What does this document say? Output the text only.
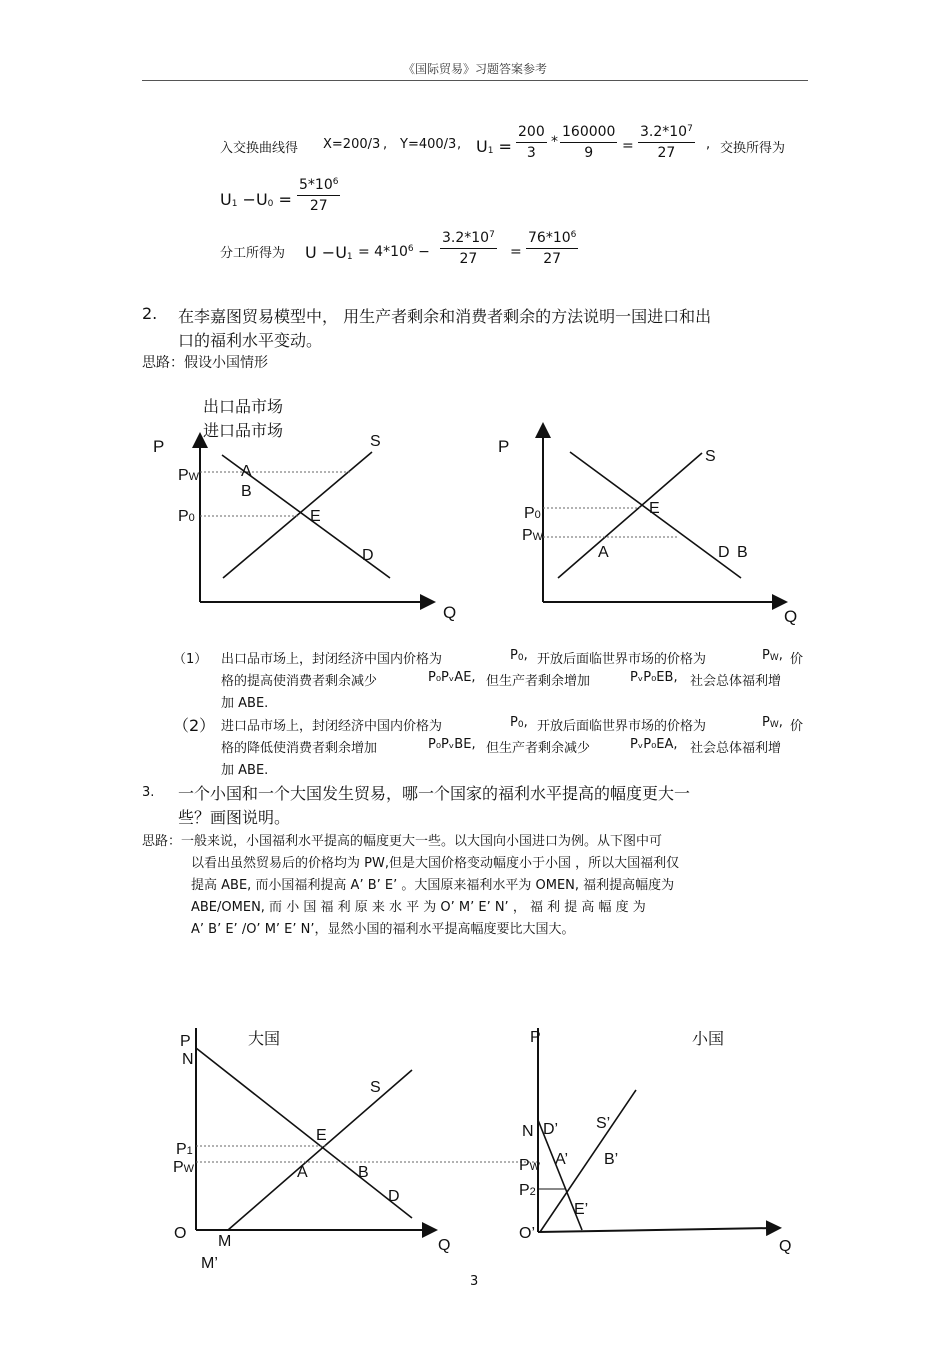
《国际贸易》习题答案参考
入交换曲线得 X=200/3 , Y=400/3 , $U1 = \frac{200}{3} * \frac{160000}{9} = \frac{3.2*10^7}{27}$ , 交换所得为
$U1 -U0 = \frac{5*10^6}{27}$
分工所得为 $U -U1 = 4*10^6 - \frac{3.2*10^7}{27} = \frac{76*10^6}{27}$
2. 在李嘉图贸易模型中， 用生产者剩余和消费者剩余的方法说明一国进口和出
口的福利水平变动。
思路：假设小国情形
出口品市场
进口品市场
P
Q
S
D
PW
P0
A
B
E
P
Q
S
D B
P0
PW
A
E
（1） 出口品市场上，封闭经济中国内价格为	P0, 开放后面临世界市场的价格为	PW, 价
格的提高使消费者剩余减少	P₀PᵥAE, 但生产者剩余增加	PᵥP₀EB, 社会总体福利增
加 ABE.
（2） 进口品市场上，封闭经济中国内价格为	P0, 开放后面临世界市场的价格为	PW, 价
格的降低使消费者剩余增加	P₀PᵥBE, 但生产者剩余减少	PᵥP₀EA, 社会总体福利增
加 ABE.
3. 一个小国和一个大国发生贸易，哪一个国家的福利水平提高的幅度更大一
些？画图说明。
思路：一般来说，小国福利水平提高的幅度更大一些。以大国向小国进口为例。从下图中可
以看出虽然贸易后的价格均为 PW,但是大国价格变动幅度小于小国 ，所以大国福利仅
提高 ABE, 而小国福利提高 A’ B’ E’ 。大国原来福利水平为 OMEN, 福利提高幅度为
ABE/OMEN, 而 小 国 福 利 原 来 水 平 为 O’ M’ E’ N’ ， 福 利 提 高 幅 度 为
A’ B’ E’ /O’ M’ E’ N’，显然小国的福利水平提高幅度要比大国大。
P
N
大国
S
E
P1
PW	A	B
D
O M	Q
M’
P	小国
N D’ S’
A’ B’
PW
P2
E’
O’
Q
3
